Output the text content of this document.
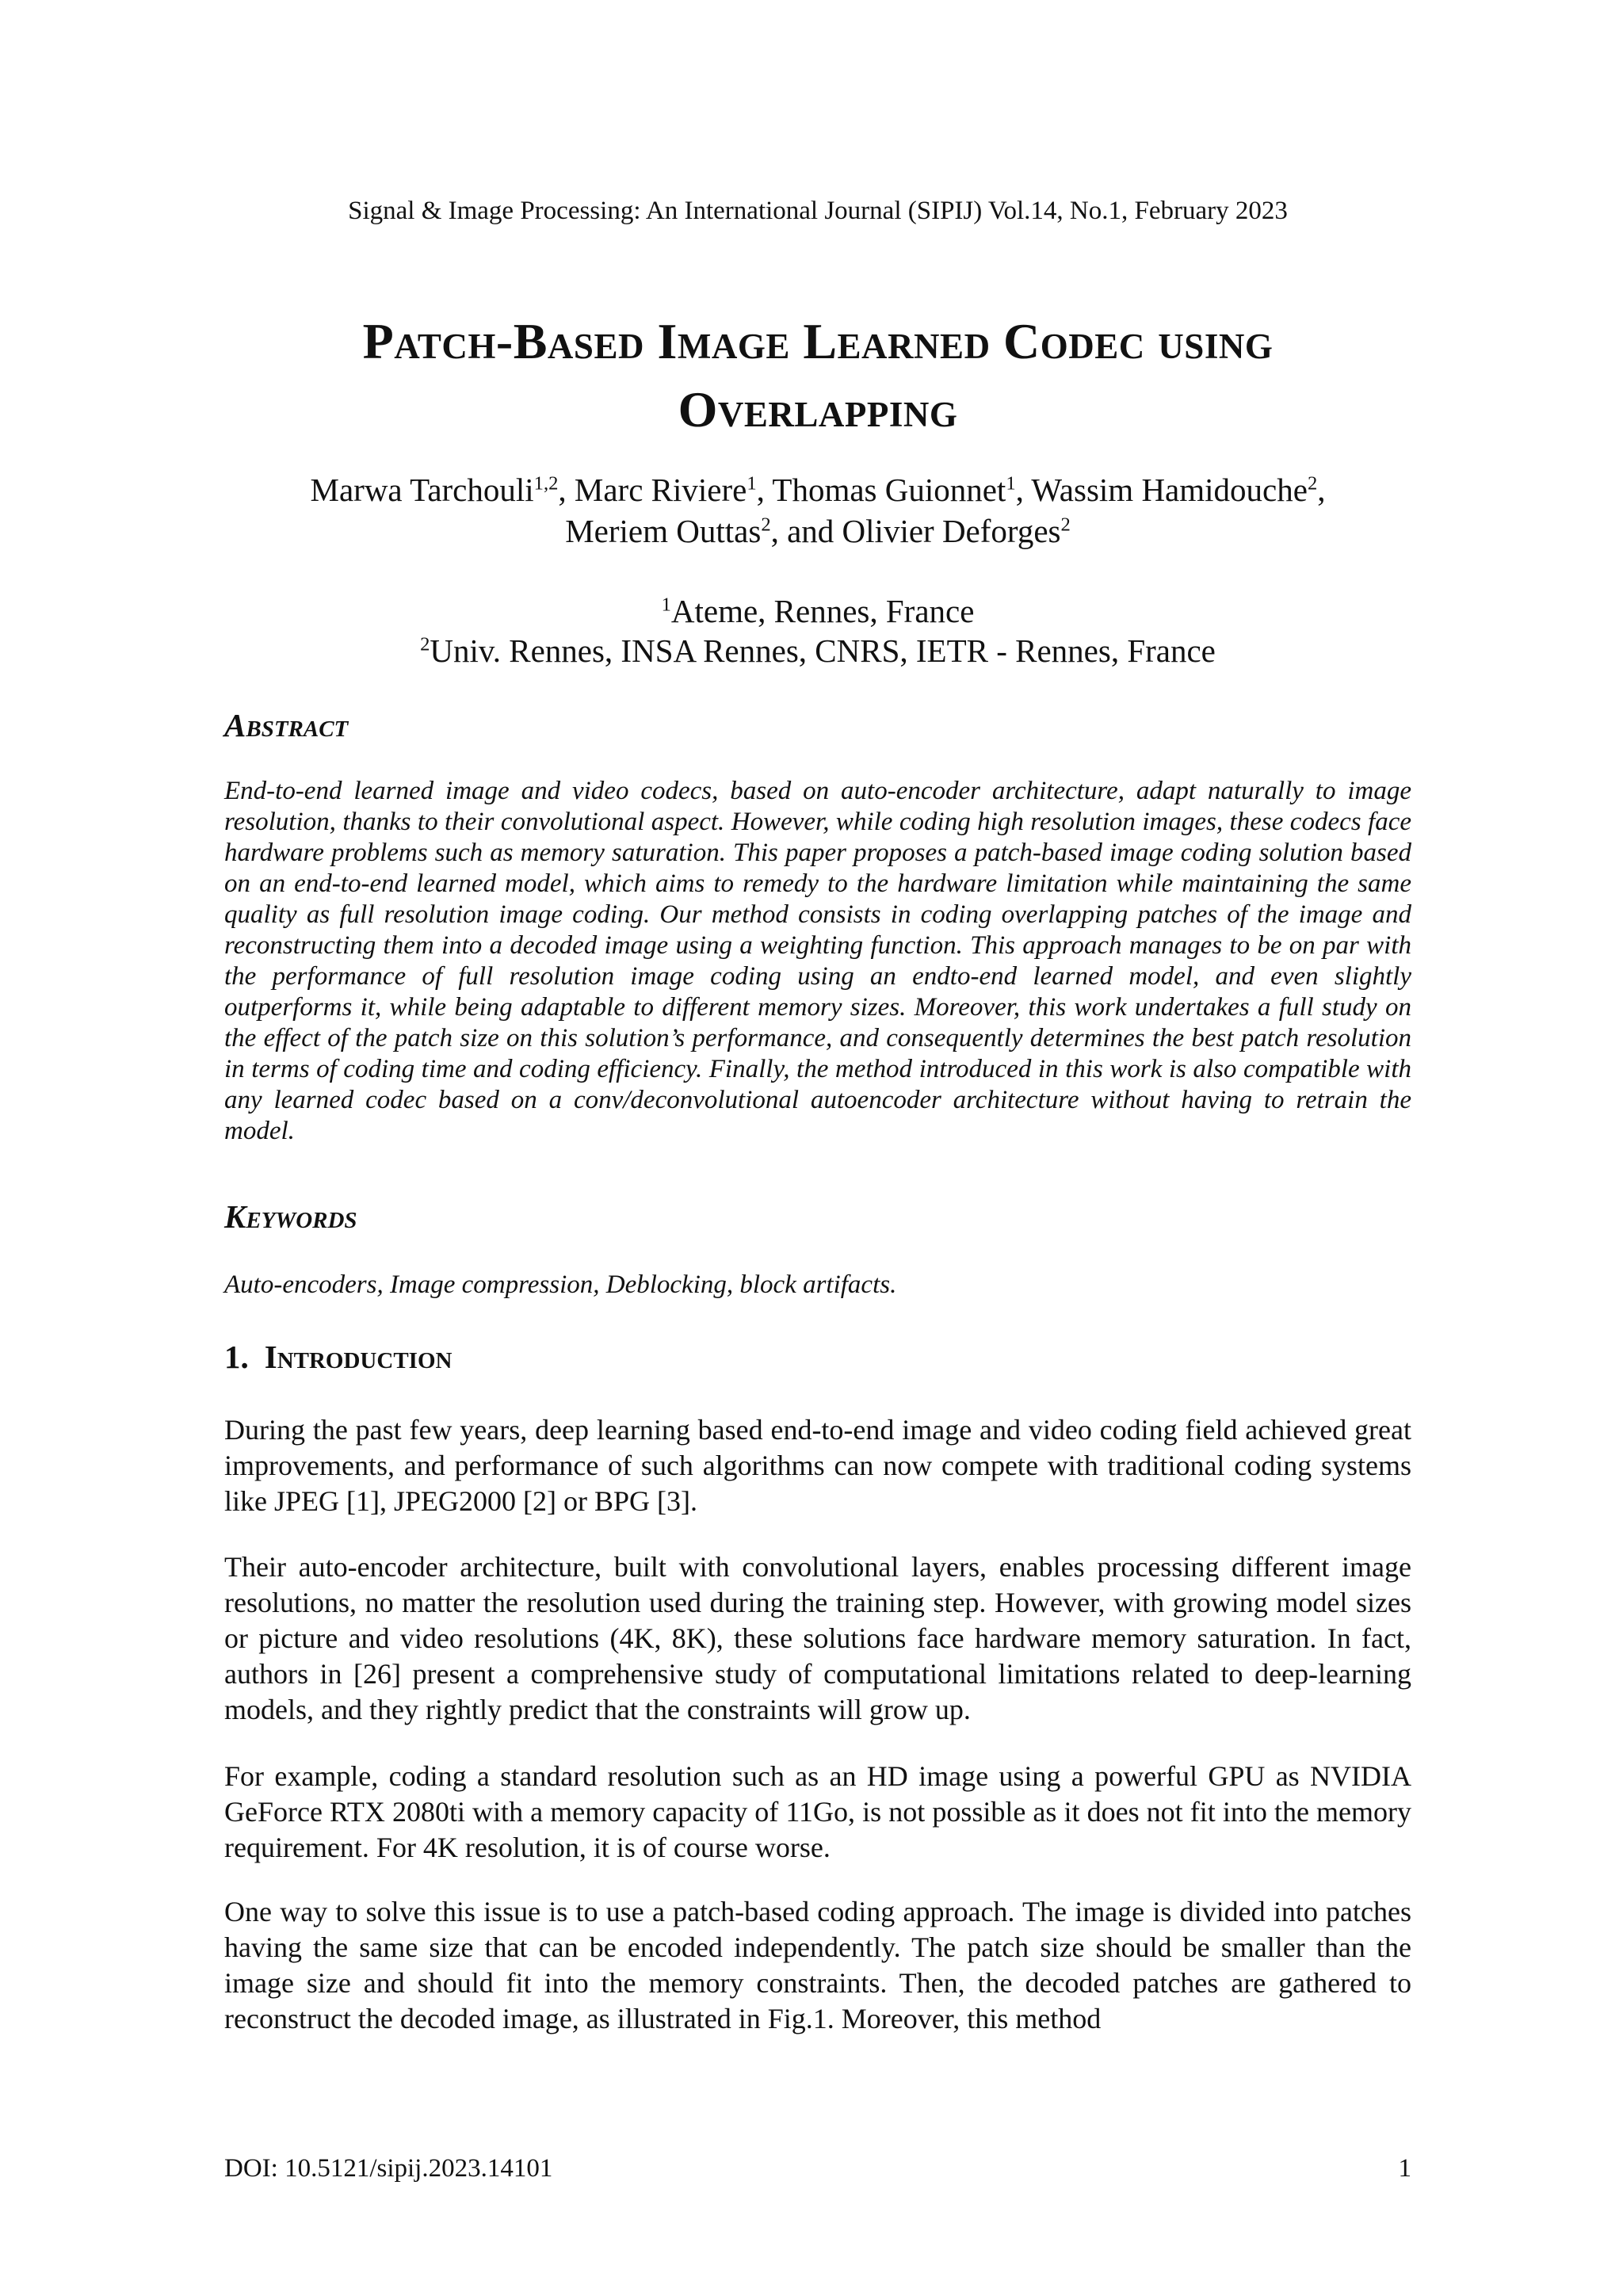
Signal & Image Processing: An International Journal (SIPIJ) Vol.14, No.1, February 2023
Patch-Based Image Learned Codec using
Overlapping
Marwa Tarchouli$^{1,2}$, Marc Riviere$^1$, Thomas Guionnet$^1$, Wassim Hamidouche$^2$,
Meriem Outtas$^2$, and Olivier Deforges$^2$
$^1$Ateme, Rennes, France
$^2$Univ. Rennes, INSA Rennes, CNRS, IETR - Rennes, France
Abstract
End-to-end learned image and video codecs, based on auto-encoder architecture, adapt naturally to image resolution, thanks to their convolutional aspect. However, while coding high resolution images, these codecs face hardware problems such as memory saturation. This paper proposes a patch-based image coding solution based on an end-to-end learned model, which aims to remedy to the hardware limitation while maintaining the same quality as full resolution image coding. Our method consists in coding overlapping patches of the image and reconstructing them into a decoded image using a weighting function. This approach manages to be on par with the performance of full resolution image coding using an endto-end learned model, and even slightly outperforms it, while being adaptable to different memory sizes. Moreover, this work undertakes a full study on the effect of the patch size on this solution’s performance, and consequently determines the best patch resolution in terms of coding time and coding efficiency. Finally, the method introduced in this work is also compatible with any learned codec based on a conv/deconvolutional autoencoder architecture without having to retrain the model.
Keywords
Auto-encoders, Image compression, Deblocking, block artifacts.
1. Introduction
During the past few years, deep learning based end-to-end image and video coding field achieved great improvements, and performance of such algorithms can now compete with traditional coding systems like JPEG [1], JPEG2000 [2] or BPG [3].
Their auto-encoder architecture, built with convolutional layers, enables processing different image resolutions, no matter the resolution used during the training step. However, with growing model sizes or picture and video resolutions (4K, 8K), these solutions face hardware memory saturation. In fact, authors in [26] present a comprehensive study of computational limitations related to deep-learning models, and they rightly predict that the constraints will grow up.
For example, coding a standard resolution such as an HD image using a powerful GPU as NVIDIA GeForce RTX 2080ti with a memory capacity of 11Go, is not possible as it does not fit into the memory requirement. For 4K resolution, it is of course worse.
One way to solve this issue is to use a patch-based coding approach. The image is divided into patches having the same size that can be encoded independently. The patch size should be smaller than the image size and should fit into the memory constraints. Then, the decoded patches are gathered to reconstruct the decoded image, as illustrated in Fig.1. Moreover, this method
DOI: 10.5121/sipij.2023.14101	1
